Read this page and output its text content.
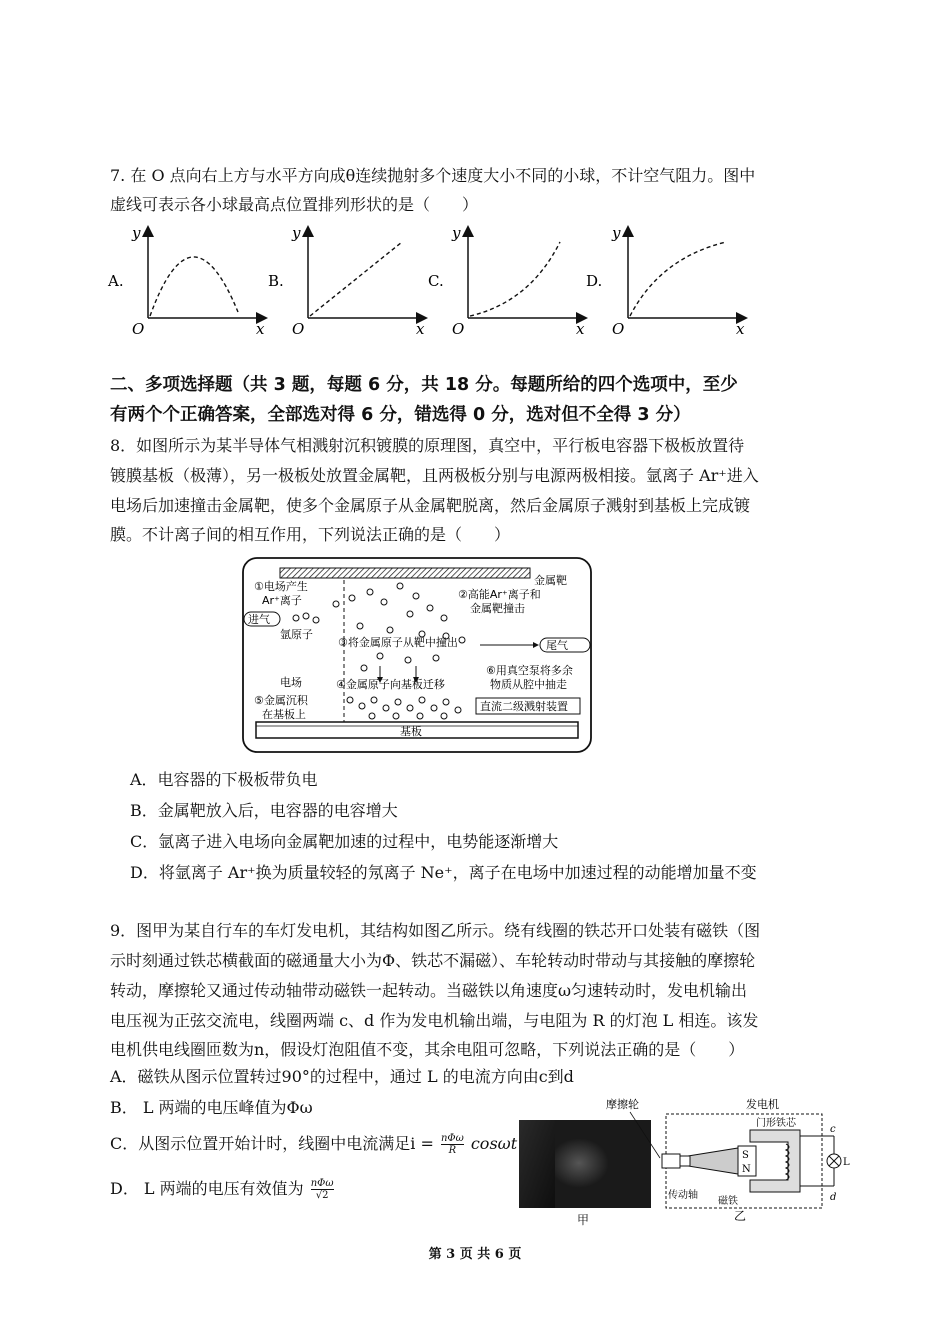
7. 在 O 点向右上方与水平方向成θ连续抛射多个速度大小不同的小球，不计空气阻力。图中
虚线可表示各小球最高点位置排列形状的是（　　）
A.
y
O	x
B.
y
O	x
C.
y
O	x
D.
y
O	x
二、多项选择题（共 3 题，每题 6 分，共 18 分。每题所给的四个选项中，至少
有两个个正确答案，全部选对得 6 分，错选得 0 分，选对但不全得 3 分）
8．如图所示为某半导体气相溅射沉积镀膜的原理图，真空中，平行板电容器下极板放置待
镀膜基板（极薄），另一极板处放置金属靶，且两极板分别与电源两极相接。氩离子 Ar⁺进入
电场后加速撞击金属靶，使多个金属原子从金属靶脱离，然后金属原子溅射到基板上完成镀
膜。不计离子间的相互作用，下列说法正确的是（　　）
金属靶
基板
①电场产生
Ar⁺离子	②高能Ar⁺离子和
金属靶撞击
进气
氩原子
③将金属原子从靶中撞出	尾气
电场	④金属原子向基板迁移
⑤金属沉积
在基板上
⑥用真空泵将多余
物质从腔中抽走
直流二级溅射装置
A．电容器的下极板带负电
B．金属靶放入后，电容器的电容增大
C．氩离子进入电场向金属靶加速的过程中，电势能逐渐增大
D．将氩离子 Ar⁺换为质量较轻的氖离子 Ne⁺，离子在电场中加速过程的动能增加量不变
9．图甲为某自行车的车灯发电机，其结构如图乙所示。绕有线圈的铁芯开口处装有磁铁（图
示时刻通过铁芯横截面的磁通量大小为Φ、铁芯不漏磁）、车轮转动时带动与其接触的摩擦轮
转动，摩擦轮又通过传动轴带动磁铁一起转动。当磁铁以角速度ω匀速转动时，发电机输出
电压视为正弦交流电，线圈两端 c、d 作为发电机输出端，与电阻为 R 的灯泡 L 相连。该发
电机供电线圈匝数为n，假设灯泡阻值不变，其余电阻可忽略，下列说法正确的是（　　）
A．磁铁从图示位置转过90°的过程中，通过 L 的电流方向由c到d
B． L 两端的电压峰值为Φω
C．从图示位置开始计时，线圈中电流满足i = nΦω
R cosωt
D． L 两端的电压有效值为 nΦω
√2
甲
摩擦轮	发电机
门形铁芯
S
N
传动轴
磁铁
c
L
d
乙
第 3 页 共 6 页
